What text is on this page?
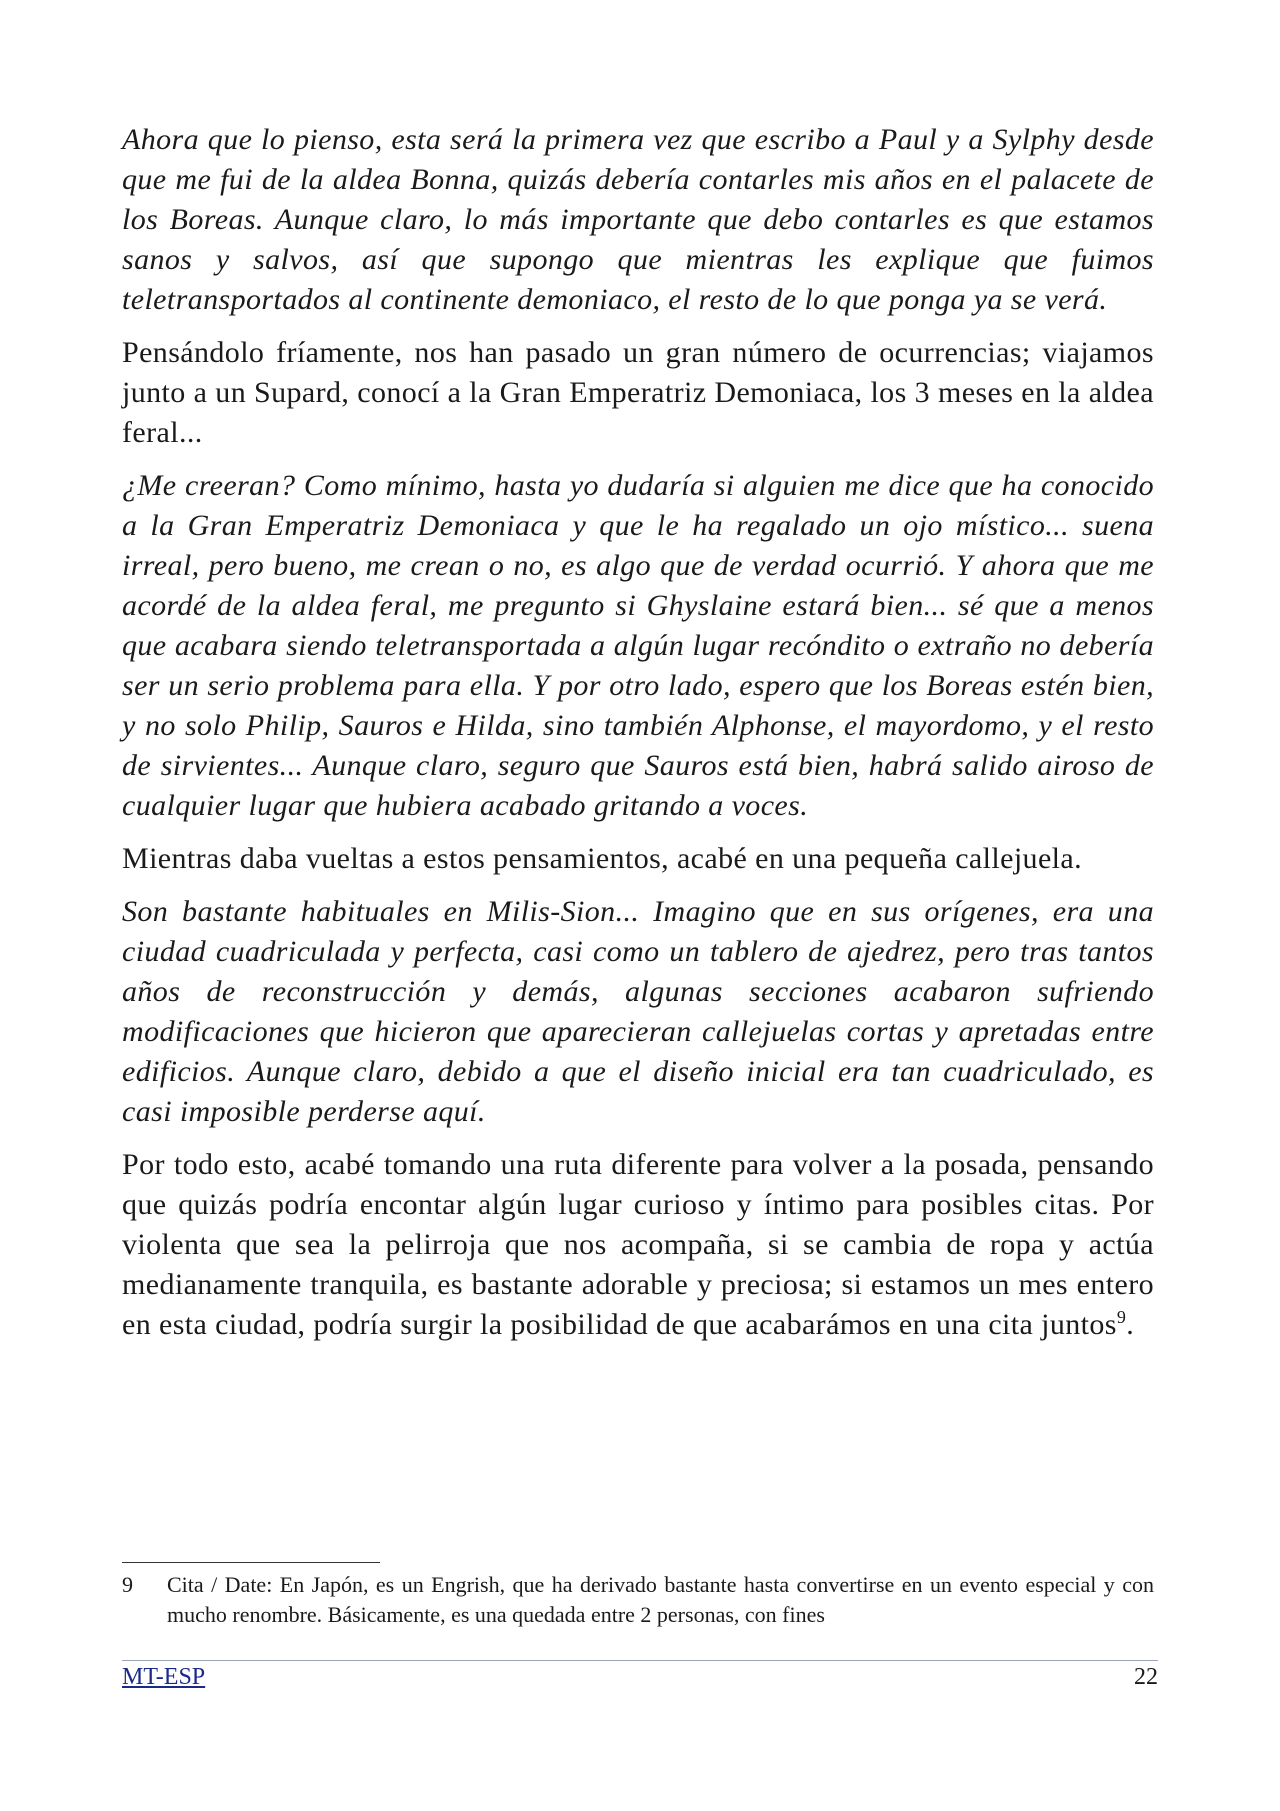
Ahora que lo pienso, esta será la primera vez que escribo a Paul y a Sylphy desde que me fui de la aldea Bonna, quizás debería contarles mis años en el palacete de los Boreas. Aunque claro, lo más importante que debo contarles es que estamos sanos y salvos, así que supongo que mientras les explique que fuimos teletransportados al continente demoniaco, el resto de lo que ponga ya se verá.

Pensándolo fríamente, nos han pasado un gran número de ocurrencias; viajamos junto a un Supard, conocí a la Gran Emperatriz Demoniaca, los 3 meses en la aldea feral...

¿Me creeran? Como mínimo, hasta yo dudaría si alguien me dice que ha conocido a la Gran Emperatriz Demoniaca y que le ha regalado un ojo místico... suena irreal, pero bueno, me crean o no, es algo que de verdad ocurrió. Y ahora que me acordé de la aldea feral, me pregunto si Ghyslaine estará bien... sé que a menos que acabara siendo teletransportada a algún lugar recóndito o extraño no debería ser un serio problema para ella. Y por otro lado, espero que los Boreas estén bien, y no solo Philip, Sauros e Hilda, sino también Alphonse, el mayordomo, y el resto de sirvientes... Aunque claro, seguro que Sauros está bien, habrá salido airoso de cualquier lugar que hubiera acabado gritando a voces.

Mientras daba vueltas a estos pensamientos, acabé en una pequeña callejuela.

Son bastante habituales en Milis-Sion... Imagino que en sus orígenes, era una ciudad cuadriculada y perfecta, casi como un tablero de ajedrez, pero tras tantos años de reconstrucción y demás, algunas secciones acabaron sufriendo modificaciones que hicieron que aparecieran callejuelas cortas y apretadas entre edificios. Aunque claro, debido a que el diseño inicial era tan cuadriculado, es casi imposible perderse aquí.

Por todo esto, acabé tomando una ruta diferente para volver a la posada, pensando que quizás podría encontar algún lugar curioso y íntimo para posibles citas. Por violenta que sea la pelirroja que nos acompaña, si se cambia de ropa y actúa medianamente tranquila, es bastante adorable y preciosa; si estamos un mes entero en esta ciudad, podría surgir la posibilidad de que acabarámos en una cita juntos$^9$.

9 Cita / Date: En Japón, es un Engrish, que ha derivado bastante hasta convertirse en un evento especial y con mucho renombre. Básicamente, es una quedada entre 2 personas, con fines
MT-ESP	22
